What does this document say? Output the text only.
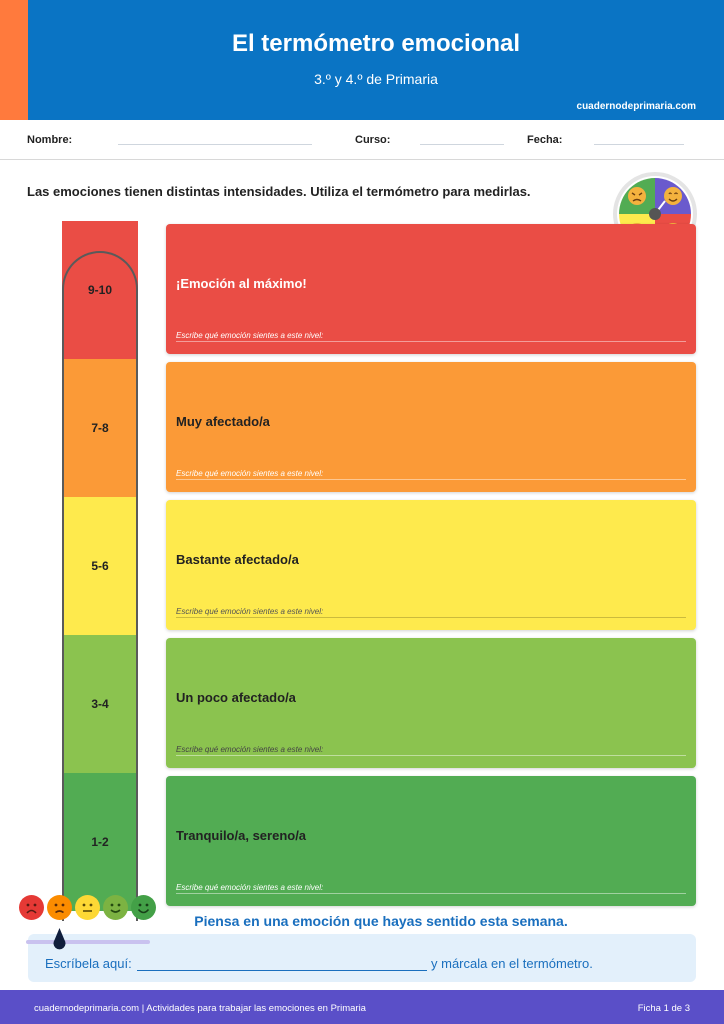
El termómetro emocional
3.º y 4.º de Primaria
cuadernodeprimaria.com
Nombre:	Curso:	Fecha:
Las emociones tienen distintas intensidades. Utiliza el termómetro para medirlas.
9-10
7-8
5-6
3-4
1-2
¡Emoción al máximo!
Escribe qué emoción sientes a este nivel:
Muy afectado/a
Escribe qué emoción sientes a este nivel:
Bastante afectado/a
Escribe qué emoción sientes a este nivel:
Un poco afectado/a
Escribe qué emoción sientes a este nivel:
Tranquilo/a, sereno/a
Escribe qué emoción sientes a este nivel:
Piensa en una emoción que hayas sentido esta semana.
Escríbela aquí:	y márcala en el termómetro.
cuadernodeprimaria.com | Actividades para trabajar las emociones en Primaria	Ficha 1 de 3
